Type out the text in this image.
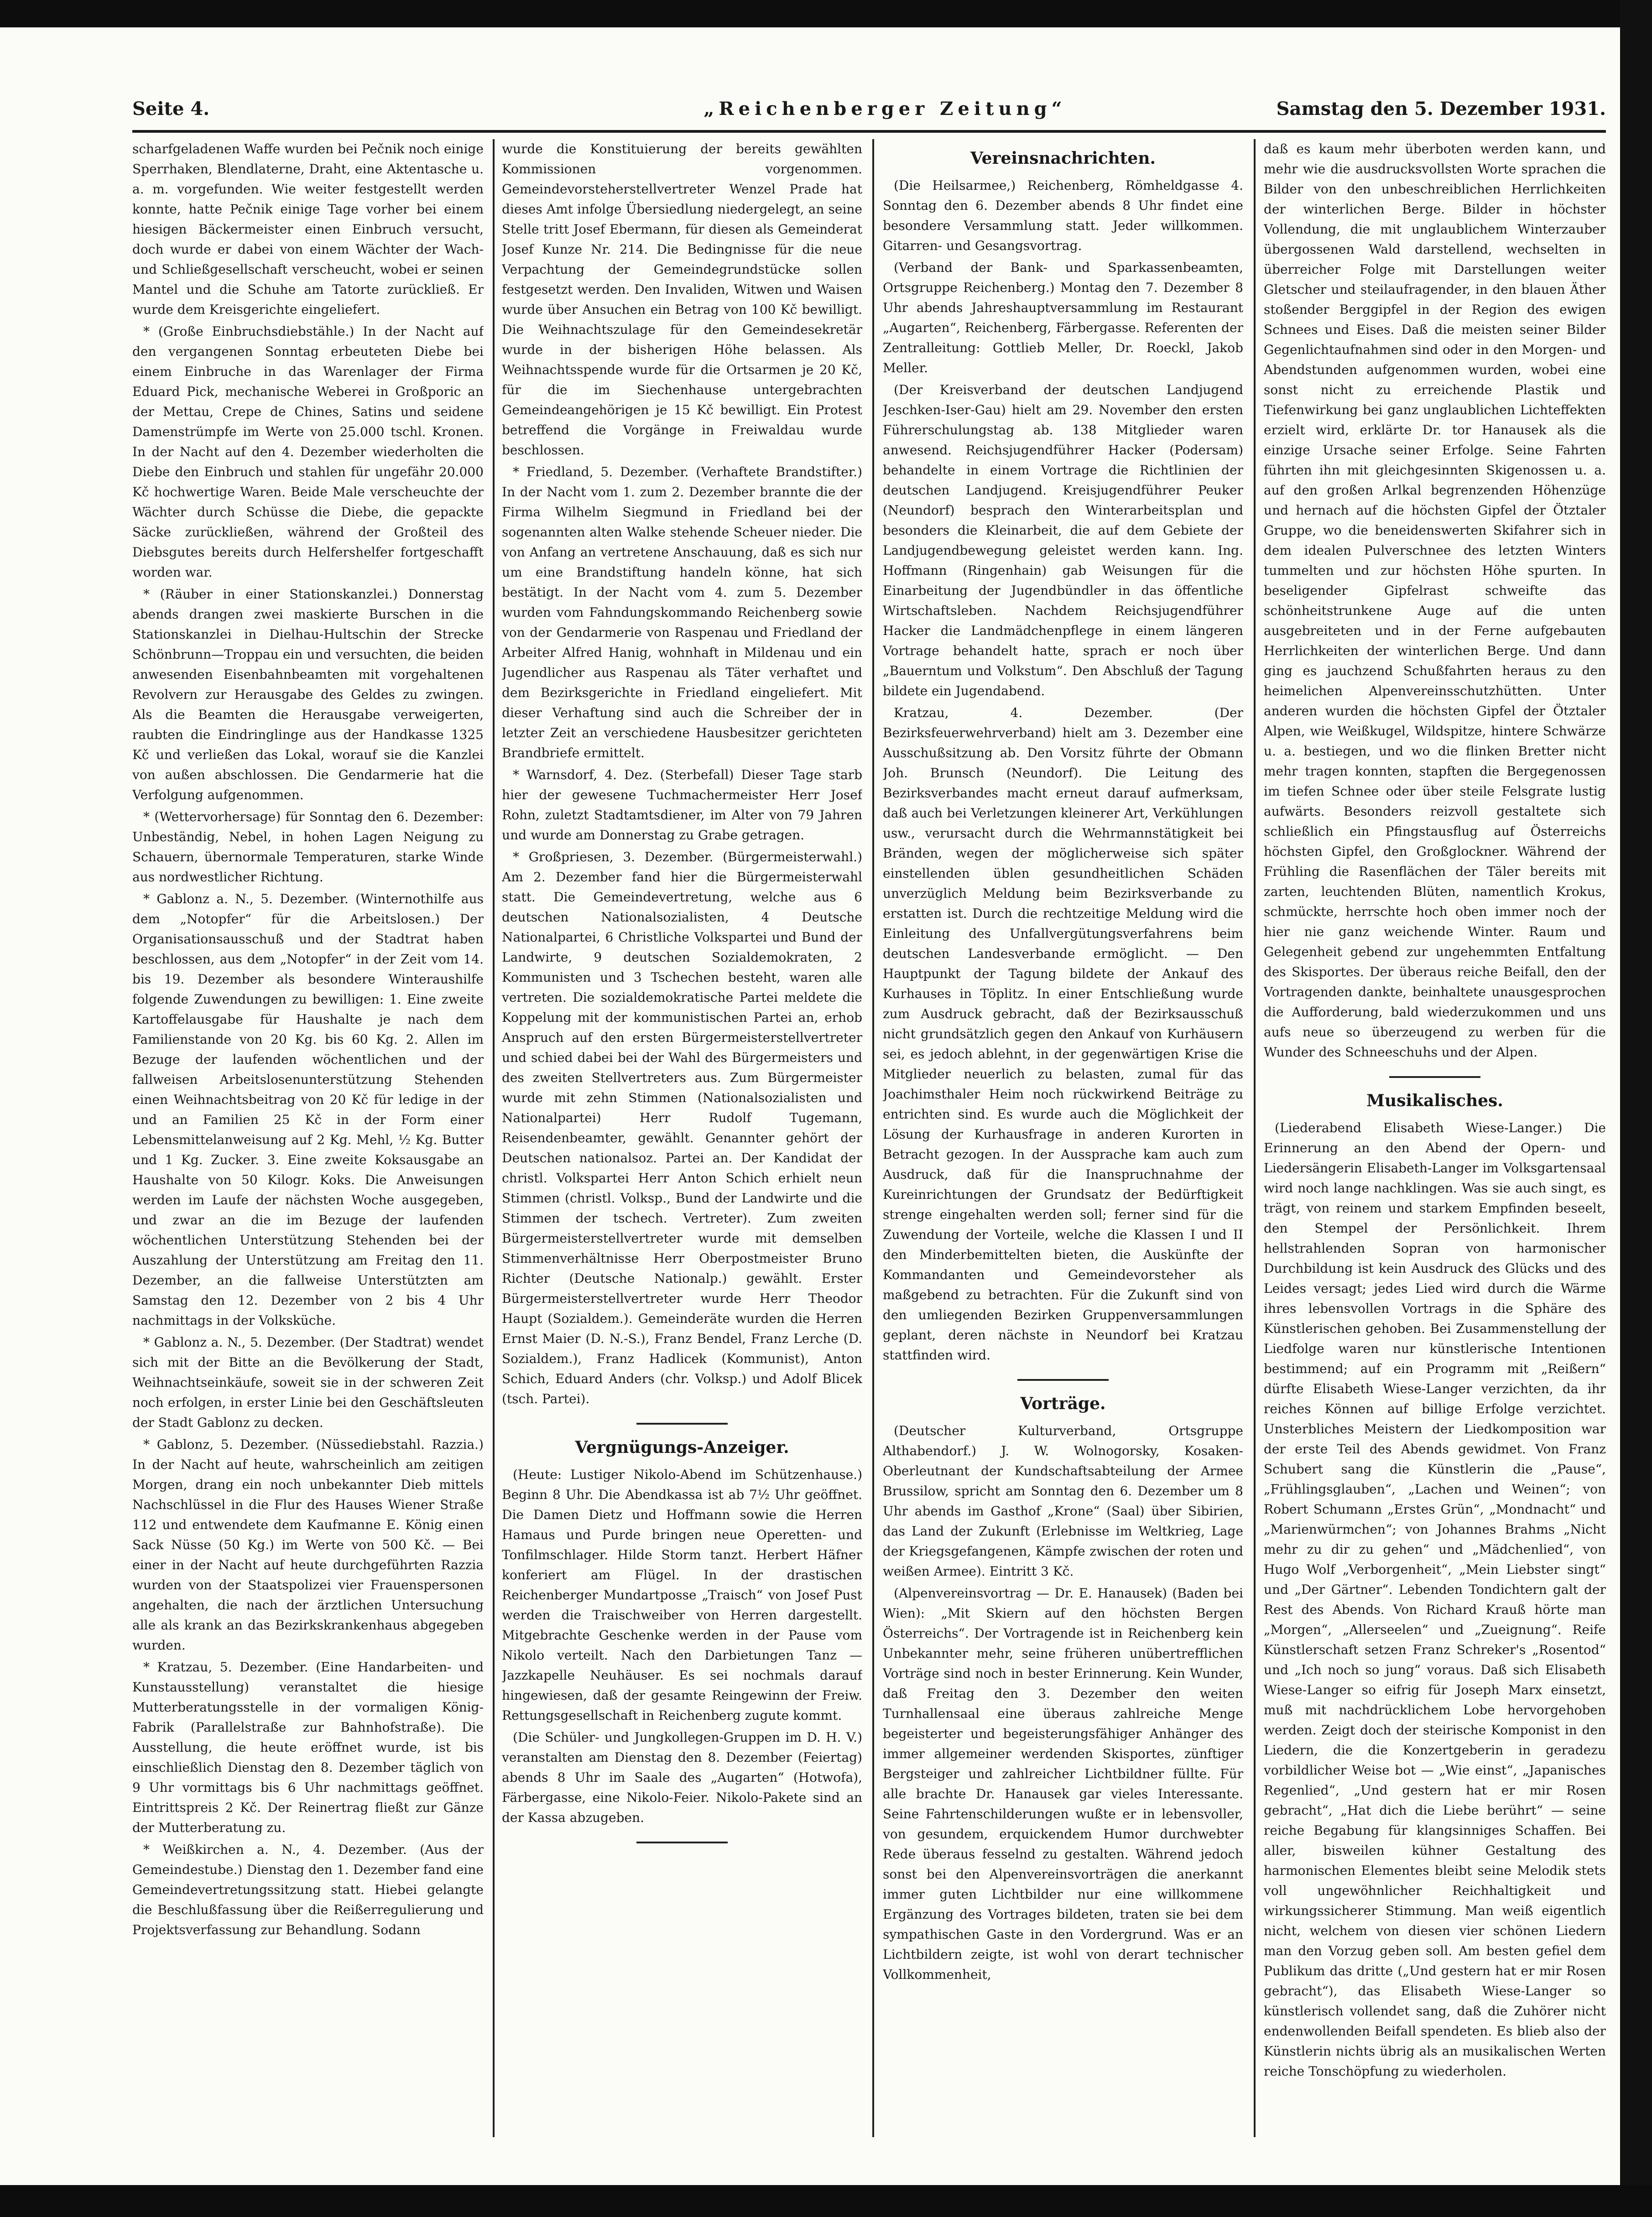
Seite 4.	„Reichenberger Zeitung“	Samstag den 5. Dezember 1931.

scharfgeladenen Waffe wurden bei Pečnik noch einige Sperrhaken, Blendlaterne, Draht, eine Aktentasche u. a. m. vorgefunden. Wie weiter festgestellt werden konnte, hatte Pečnik einige Tage vorher bei einem hiesigen Bäckermeister einen Einbruch versucht, doch wurde er dabei von einem Wächter der Wach- und Schließgesellschaft verscheucht, wobei er seinen Mantel und die Schuhe am Tatorte zurückließ. Er wurde dem Kreisgerichte eingeliefert.

* (Große Einbruchsdiebstähle.) In der Nacht auf den vergangenen Sonntag erbeuteten Diebe bei einem Einbruche in das Warenlager der Firma Eduard Pick, mechanische Weberei in Großporic an der Mettau, Crepe de Chines, Satins und seidene Damenstrümpfe im Werte von 25.000 tschl. Kronen. In der Nacht auf den 4. Dezember wiederholten die Diebe den Einbruch und stahlen für ungefähr 20.000 Kč hochwertige Waren. Beide Male verscheuchte der Wächter durch Schüsse die Diebe, die gepackte Säcke zurückließen, während der Großteil des Diebsgutes bereits durch Helfershelfer fortgeschafft worden war.

* (Räuber in einer Stationskanzlei.) Donnerstag abends drangen zwei maskierte Burschen in die Stationskanzlei in Dielhau-Hultschin der Strecke Schönbrunn—Troppau ein und versuchten, die beiden anwesenden Eisenbahnbeamten mit vorgehaltenen Revolvern zur Herausgabe des Geldes zu zwingen. Als die Beamten die Herausgabe verweigerten, raubten die Eindringlinge aus der Handkasse 1325 Kč und verließen das Lokal, worauf sie die Kanzlei von außen abschlossen. Die Gendarmerie hat die Verfolgung aufgenommen.

* (Wettervorhersage) für Sonntag den 6. Dezember: Unbeständig, Nebel, in hohen Lagen Neigung zu Schauern, übernormale Temperaturen, starke Winde aus nordwestlicher Richtung.

* Gablonz a. N., 5. Dezember. (Winternothilfe aus dem „Notopfer“ für die Arbeitslosen.) Der Organisationsausschuß und der Stadtrat haben beschlossen, aus dem „Notopfer“ in der Zeit vom 14. bis 19. Dezember als besondere Winteraushilfe folgende Zuwendungen zu bewilligen: 1. Eine zweite Kartoffelausgabe für Haushalte je nach dem Familienstande von 20 Kg. bis 60 Kg. 2. Allen im Bezuge der laufenden wöchentlichen und der fallweisen Arbeitslosenunterstützung Stehenden einen Weihnachtsbeitrag von 20 Kč für ledige in der und an Familien 25 Kč in der Form einer Lebensmittelanweisung auf 2 Kg. Mehl, ½ Kg. Butter und 1 Kg. Zucker. 3. Eine zweite Koksausgabe an Haushalte von 50 Kilogr. Koks. Die Anweisungen werden im Laufe der nächsten Woche ausgegeben, und zwar an die im Bezuge der laufenden wöchentlichen Unterstützung Stehenden bei der Auszahlung der Unterstützung am Freitag den 11. Dezember, an die fallweise Unterstützten am Samstag den 12. Dezember von 2 bis 4 Uhr nachmittags in der Volksküche.

* Gablonz a. N., 5. Dezember. (Der Stadtrat) wendet sich mit der Bitte an die Bevölkerung der Stadt, Weihnachtseinkäufe, soweit sie in der schweren Zeit noch erfolgen, in erster Linie bei den Geschäftsleuten der Stadt Gablonz zu decken.

* Gablonz, 5. Dezember. (Nüssediebstahl. Razzia.) In der Nacht auf heute, wahrscheinlich am zeitigen Morgen, drang ein noch unbekannter Dieb mittels Nachschlüssel in die Flur des Hauses Wiener Straße 112 und entwendete dem Kaufmanne E. König einen Sack Nüsse (50 Kg.) im Werte von 500 Kč. — Bei einer in der Nacht auf heute durchgeführten Razzia wurden von der Staatspolizei vier Frauenspersonen angehalten, die nach der ärztlichen Untersuchung alle als krank an das Bezirkskrankenhaus abgegeben wurden.

* Kratzau, 5. Dezember. (Eine Handarbeiten- und Kunstausstellung) veranstaltet die hiesige Mutterberatungsstelle in der vormaligen König-Fabrik (Parallelstraße zur Bahnhofstraße). Die Ausstellung, die heute eröffnet wurde, ist bis einschließlich Dienstag den 8. Dezember täglich von 9 Uhr vormittags bis 6 Uhr nachmittags geöffnet. Eintrittspreis 2 Kč. Der Reinertrag fließt zur Gänze der Mutterberatung zu.

* Weißkirchen a. N., 4. Dezember. (Aus der Gemeindestube.) Dienstag den 1. Dezember fand eine Gemeindevertretungssitzung statt. Hiebei gelangte die Beschlußfassung über die Reißerregulierung und Projektsverfassung zur Behandlung. Sodann

wurde die Konstituierung der bereits gewählten Kommissionen vorgenommen. Gemeindevorsteherstellvertreter Wenzel Prade hat dieses Amt infolge Übersiedlung niedergelegt, an seine Stelle tritt Josef Ebermann, für diesen als Gemeinderat Josef Kunze Nr. 214. Die Bedingnisse für die neue Verpachtung der Gemeindegrundstücke sollen festgesetzt werden. Den Invaliden, Witwen und Waisen wurde über Ansuchen ein Betrag von 100 Kč bewilligt. Die Weihnachtszulage für den Gemeindesekretär wurde in der bisherigen Höhe belassen. Als Weihnachtsspende wurde für die Ortsarmen je 20 Kč, für die im Siechenhause untergebrachten Gemeindeangehörigen je 15 Kč bewilligt. Ein Protest betreffend die Vorgänge in Freiwaldau wurde beschlossen.

* Friedland, 5. Dezember. (Verhaftete Brandstifter.) In der Nacht vom 1. zum 2. Dezember brannte die der Firma Wilhelm Siegmund in Friedland bei der sogenannten alten Walke stehende Scheuer nieder. Die von Anfang an vertretene Anschauung, daß es sich nur um eine Brandstiftung handeln könne, hat sich bestätigt. In der Nacht vom 4. zum 5. Dezember wurden vom Fahndungskommando Reichenberg sowie von der Gendarmerie von Raspenau und Friedland der Arbeiter Alfred Hanig, wohnhaft in Mildenau und ein Jugendlicher aus Raspenau als Täter verhaftet und dem Bezirksgerichte in Friedland eingeliefert. Mit dieser Verhaftung sind auch die Schreiber der in letzter Zeit an verschiedene Hausbesitzer gerichteten Brandbriefe ermittelt.

* Warnsdorf, 4. Dez. (Sterbefall) Dieser Tage starb hier der gewesene Tuchmachermeister Herr Josef Rohn, zuletzt Stadtamtsdiener, im Alter von 79 Jahren und wurde am Donnerstag zu Grabe getragen.

* Großpriesen, 3. Dezember. (Bürgermeisterwahl.) Am 2. Dezember fand hier die Bürgermeisterwahl statt. Die Gemeindevertretung, welche aus 6 deutschen Nationalsozialisten, 4 Deutsche Nationalpartei, 6 Christliche Volkspartei und Bund der Landwirte, 9 deutschen Sozialdemokraten, 2 Kommunisten und 3 Tschechen besteht, waren alle vertreten. Die sozialdemokratische Partei meldete die Koppelung mit der kommunistischen Partei an, erhob Anspruch auf den ersten Bürgermeisterstellvertreter und schied dabei bei der Wahl des Bürgermeisters und des zweiten Stellvertreters aus. Zum Bürgermeister wurde mit zehn Stimmen (Nationalsozialisten und Nationalpartei) Herr Rudolf Tugemann, Reisendenbeamter, gewählt. Genannter gehört der Deutschen nationalsoz. Partei an. Der Kandidat der christl. Volkspartei Herr Anton Schich erhielt neun Stimmen (christl. Volksp., Bund der Landwirte und die Stimmen der tschech. Vertreter). Zum zweiten Bürgermeisterstellvertreter wurde mit demselben Stimmenverhältnisse Herr Oberpostmeister Bruno Richter (Deutsche Nationalp.) gewählt. Erster Bürgermeisterstellvertreter wurde Herr Theodor Haupt (Sozialdem.). Gemeinderäte wurden die Herren Ernst Maier (D. N.-S.), Franz Bendel, Franz Lerche (D. Sozialdem.), Franz Hadlicek (Kommunist), Anton Schich, Eduard Anders (chr. Volksp.) und Adolf Blicek (tsch. Partei).

Vergnügungs-Anzeiger.

(Heute: Lustiger Nikolo-Abend im Schützenhause.) Beginn 8 Uhr. Die Abendkassa ist ab 7½ Uhr geöffnet. Die Damen Dietz und Hoffmann sowie die Herren Hamaus und Purde bringen neue Operetten- und Tonfilmschlager. Hilde Storm tanzt. Herbert Häfner konferiert am Flügel. In der drastischen Reichenberger Mundartposse „Traisch“ von Josef Pust werden die Traischweiber von Herren dargestellt. Mitgebrachte Geschenke werden in der Pause vom Nikolo verteilt. Nach den Darbietungen Tanz — Jazzkapelle Neuhäuser. Es sei nochmals darauf hingewiesen, daß der gesamte Reingewinn der Freiw. Rettungsgesellschaft in Reichenberg zugute kommt.

(Die Schüler- und Jungkollegen-Gruppen im D. H. V.) veranstalten am Dienstag den 8. Dezember (Feiertag) abends 8 Uhr im Saale des „Augarten“ (Hotwofa), Färbergasse, eine Nikolo-Feier. Nikolo-Pakete sind an der Kassa abzugeben.

Vereinsnachrichten.

(Die Heilsarmee,) Reichenberg, Römheldgasse 4. Sonntag den 6. Dezember abends 8 Uhr findet eine besondere Versammlung statt. Jeder willkommen. Gitarren- und Gesangsvortrag.

(Verband der Bank- und Sparkassenbeamten, Ortsgruppe Reichenberg.) Montag den 7. Dezember 8 Uhr abends Jahreshauptversammlung im Restaurant „Augarten“, Reichenberg, Färbergasse. Referenten der Zentralleitung: Gottlieb Meller, Dr. Roeckl, Jakob Meller.

(Der Kreisverband der deutschen Landjugend Jeschken-Iser-Gau) hielt am 29. November den ersten Führerschulungstag ab. 138 Mitglieder waren anwesend. Reichsjugendführer Hacker (Podersam) behandelte in einem Vortrage die Richtlinien der deutschen Landjugend. Kreisjugendführer Peuker (Neundorf) besprach den Winterarbeitsplan und besonders die Kleinarbeit, die auf dem Gebiete der Landjugendbewegung geleistet werden kann. Ing. Hoffmann (Ringenhain) gab Weisungen für die Einarbeitung der Jugendbündler in das öffentliche Wirtschaftsleben. Nachdem Reichsjugendführer Hacker die Landmädchenpflege in einem längeren Vortrage behandelt hatte, sprach er noch über „Bauerntum und Volkstum“. Den Abschluß der Tagung bildete ein Jugendabend.

Kratzau, 4. Dezember. (Der Bezirksfeuerwehrverband) hielt am 3. Dezember eine Ausschußsitzung ab. Den Vorsitz führte der Obmann Joh. Brunsch (Neundorf). Die Leitung des Bezirksverbandes macht erneut darauf aufmerksam, daß auch bei Verletzungen kleinerer Art, Verkühlungen usw., verursacht durch die Wehrmannstätigkeit bei Bränden, wegen der möglicherweise sich später einstellenden üblen gesundheitlichen Schäden unverzüglich Meldung beim Bezirksverbande zu erstatten ist. Durch die rechtzeitige Meldung wird die Einleitung des Unfallvergütungsverfahrens beim deutschen Landesverbande ermöglicht. — Den Hauptpunkt der Tagung bildete der Ankauf des Kurhauses in Töplitz. In einer Entschließung wurde zum Ausdruck gebracht, daß der Bezirksausschuß nicht grundsätzlich gegen den Ankauf von Kurhäusern sei, es jedoch ablehnt, in der gegenwärtigen Krise die Mitglieder neuerlich zu belasten, zumal für das Joachimsthaler Heim noch rückwirkend Beiträge zu entrichten sind. Es wurde auch die Möglichkeit der Lösung der Kurhausfrage in anderen Kurorten in Betracht gezogen. In der Aussprache kam auch zum Ausdruck, daß für die Inanspruchnahme der Kureinrichtungen der Grundsatz der Bedürftigkeit strenge eingehalten werden soll; ferner sind für die Zuwendung der Vorteile, welche die Klassen I und II den Minderbemittelten bieten, die Auskünfte der Kommandanten und Gemeindevorsteher als maßgebend zu betrachten. Für die Zukunft sind von den umliegenden Bezirken Gruppenversammlungen geplant, deren nächste in Neundorf bei Kratzau stattfinden wird.

Vorträge.

(Deutscher Kulturverband, Ortsgruppe Althabendorf.) J. W. Wolnogorsky, Kosaken-Oberleutnant der Kundschaftsabteilung der Armee Brussilow, spricht am Sonntag den 6. Dezember um 8 Uhr abends im Gasthof „Krone“ (Saal) über Sibirien, das Land der Zukunft (Erlebnisse im Weltkrieg, Lage der Kriegsgefangenen, Kämpfe zwischen der roten und weißen Armee). Eintritt 3 Kč.

(Alpenvereinsvortrag — Dr. E. Hanausek) (Baden bei Wien): „Mit Skiern auf den höchsten Bergen Österreichs“. Der Vortragende ist in Reichenberg kein Unbekannter mehr, seine früheren unübertrefflichen Vorträge sind noch in bester Erinnerung. Kein Wunder, daß Freitag den 3. Dezember den weiten Turnhallensaal eine überaus zahlreiche Menge begeisterter und begeisterungsfähiger Anhänger des immer allgemeiner werdenden Skisportes, zünftiger Bergsteiger und zahlreicher Lichtbildner füllte. Für alle brachte Dr. Hanausek gar vieles Interessante. Seine Fahrtenschilderungen wußte er in lebensvoller, von gesundem, erquickendem Humor durchwebter Rede überaus fesselnd zu gestalten. Während jedoch sonst bei den Alpenvereinsvorträgen die anerkannt immer guten Lichtbilder nur eine willkommene Ergänzung des Vortrages bildeten, traten sie bei dem sympathischen Gaste in den Vordergrund. Was er an Lichtbildern zeigte, ist wohl von derart technischer Vollkommenheit,

daß es kaum mehr überboten werden kann, und mehr wie die ausdrucksvollsten Worte sprachen die Bilder von den unbeschreiblichen Herrlichkeiten der winterlichen Berge. Bilder in höchster Vollendung, die mit unglaublichem Winterzauber übergossenen Wald darstellend, wechselten in überreicher Folge mit Darstellungen weiter Gletscher und steilaufragender, in den blauen Äther stoßender Berggipfel in der Region des ewigen Schnees und Eises. Daß die meisten seiner Bilder Gegenlichtaufnahmen sind oder in den Morgen- und Abendstunden aufgenommen wurden, wobei eine sonst nicht zu erreichende Plastik und Tiefenwirkung bei ganz unglaublichen Lichteffekten erzielt wird, erklärte Dr. tor Hanausek als die einzige Ursache seiner Erfolge. Seine Fahrten führten ihn mit gleichgesinnten Skigenossen u. a. auf den großen Arlkal begrenzenden Höhenzüge und hernach auf die höchsten Gipfel der Ötztaler Gruppe, wo die beneidenswerten Skifahrer sich in dem idealen Pulverschnee des letzten Winters tummelten und zur höchsten Höhe spurten. In beseligender Gipfelrast schweifte das schönheitstrunkene Auge auf die unten ausgebreiteten und in der Ferne aufgebauten Herrlichkeiten der winterlichen Berge. Und dann ging es jauchzend Schußfahrten heraus zu den heimelichen Alpenvereinsschutzhütten. Unter anderen wurden die höchsten Gipfel der Ötztaler Alpen, wie Weißkugel, Wildspitze, hintere Schwärze u. a. bestiegen, und wo die flinken Bretter nicht mehr tragen konnten, stapften die Bergegenossen im tiefen Schnee oder über steile Felsgrate lustig aufwärts. Besonders reizvoll gestaltete sich schließlich ein Pfingstausflug auf Österreichs höchsten Gipfel, den Großglockner. Während der Frühling die Rasenflächen der Täler bereits mit zarten, leuchtenden Blüten, namentlich Krokus, schmückte, herrschte hoch oben immer noch der hier nie ganz weichende Winter. Raum und Gelegenheit gebend zur ungehemmten Entfaltung des Skisportes. Der überaus reiche Beifall, den der Vortragenden dankte, beinhaltete unausgesprochen die Aufforderung, bald wiederzukommen und uns aufs neue so überzeugend zu werben für die Wunder des Schneeschuhs und der Alpen.

Musikalisches.

(Liederabend Elisabeth Wiese-Langer.) Die Erinnerung an den Abend der Opern- und Liedersängerin Elisabeth-Langer im Volksgartensaal wird noch lange nachklingen. Was sie auch singt, es trägt, von reinem und starkem Empfinden beseelt, den Stempel der Persönlichkeit. Ihrem hellstrahlenden Sopran von harmonischer Durchbildung ist kein Ausdruck des Glücks und des Leides versagt; jedes Lied wird durch die Wärme ihres lebensvollen Vortrags in die Sphäre des Künstlerischen gehoben. Bei Zusammenstellung der Liedfolge waren nur künstlerische Intentionen bestimmend; auf ein Programm mit „Reißern“ dürfte Elisabeth Wiese-Langer verzichten, da ihr reiches Können auf billige Erfolge verzichtet. Unsterbliches Meistern der Liedkomposition war der erste Teil des Abends gewidmet. Von Franz Schubert sang die Künstlerin die „Pause“, „Frühlingsglauben“, „Lachen und Weinen“; von Robert Schumann „Erstes Grün“, „Mondnacht“ und „Marienwürmchen“; von Johannes Brahms „Nicht mehr zu dir zu gehen“ und „Mädchenlied“, von Hugo Wolf „Verborgenheit“, „Mein Liebster singt“ und „Der Gärtner“. Lebenden Tondichtern galt der Rest des Abends. Von Richard Krauß hörte man „Morgen“, „Allerseelen“ und „Zueignung“. Reife Künstlerschaft setzen Franz Schreker's „Rosentod“ und „Ich noch so jung“ voraus. Daß sich Elisabeth Wiese-Langer so eifrig für Joseph Marx einsetzt, muß mit nachdrücklichem Lobe hervorgehoben werden. Zeigt doch der steirische Komponist in den Liedern, die die Konzertgeberin in geradezu vorbildlicher Weise bot — „Wie einst“, „Japanisches Regenlied“, „Und gestern hat er mir Rosen gebracht“, „Hat dich die Liebe berührt“ — seine reiche Begabung für klangsinniges Schaffen. Bei aller, bisweilen kühner Gestaltung des harmonischen Elementes bleibt seine Melodik stets voll ungewöhnlicher Reichhaltigkeit und wirkungssicherer Stimmung. Man weiß eigentlich nicht, welchem von diesen vier schönen Liedern man den Vorzug geben soll. Am besten gefiel dem Publikum das dritte („Und gestern hat er mir Rosen gebracht“), das Elisabeth Wiese-Langer so künstlerisch vollendet sang, daß die Zuhörer nicht endenwollenden Beifall spendeten. Es blieb also der Künstlerin nichts übrig als an musikalischen Werten reiche Tonschöpfung zu wiederholen.
